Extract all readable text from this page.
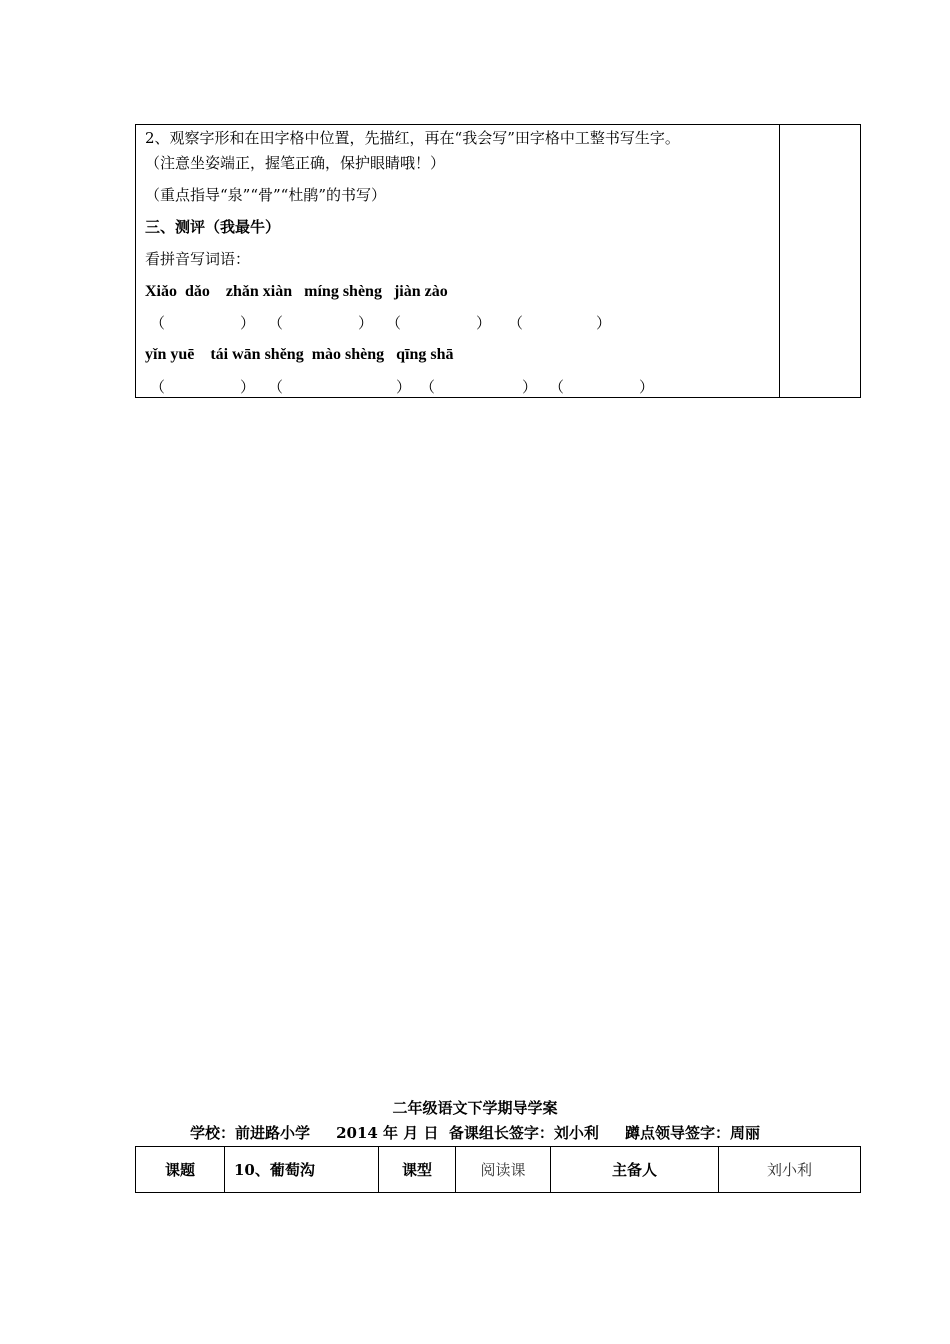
2、观察字形和在田字格中位置，先描红，再在“我会写”田字格中工整书写生字。
（注意坐姿端正，握笔正确，保护眼睛哦！）
（重点指导“泉”“骨”“杜鹃”的书写）
三、测评（我最牛）
看拼音写词语：
Xiǎo  dǎo    zhǎn xiàn   míng shèng   jiàn zào
（	） （	） （	） （	）
yǐn yuē    tái wān shěng  mào shèng   qīng shā
（	） （	） （	） （	）
二年级语文下学期导学案
学校：前进路小学     2014 年 月 日  备课组长签字：刘小利     蹲点领导签字：周丽
课题	10、葡萄沟	课型	阅读课	主备人	刘小利
